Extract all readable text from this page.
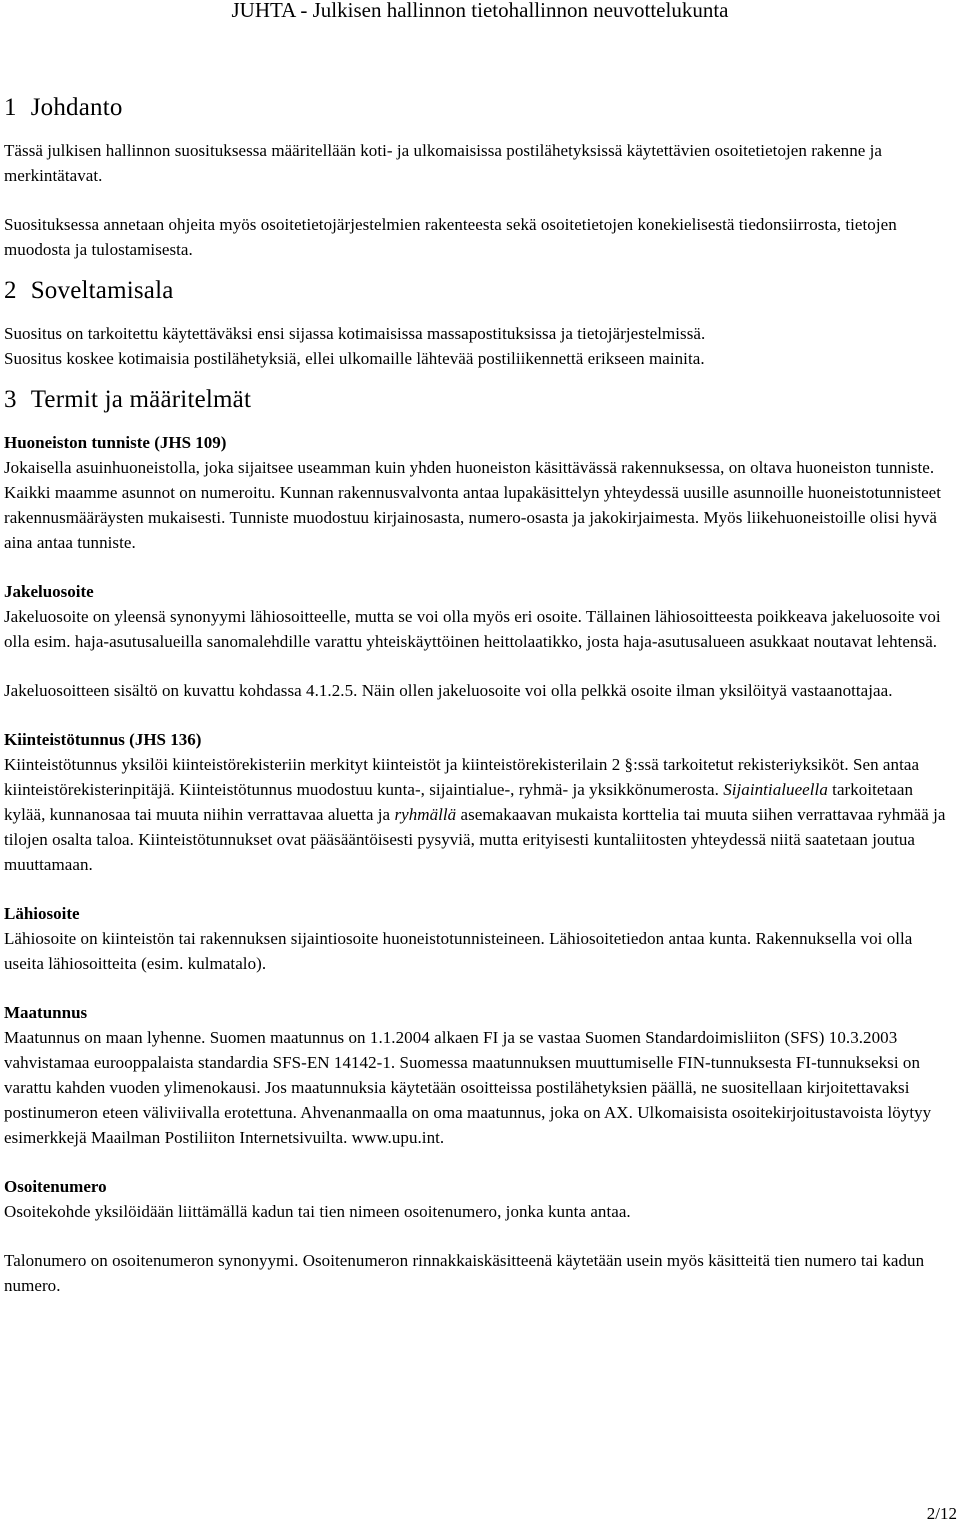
JUHTA - Julkisen hallinnon tietohallinnon neuvottelukunta
1 Johdanto

Tässä julkisen hallinnon suosituksessa määritellään koti- ja ulkomaisissa postilähetyksissä käytettävien osoitetietojen rakenne ja merkintätavat.

Suosituksessa annetaan ohjeita myös osoitetietojärjestelmien rakenteesta sekä osoitetietojen konekielisestä tiedonsiirrosta, tietojen muodosta ja tulostamisesta.

2 Soveltamisala

Suositus on tarkoitettu käytettäväksi ensi sijassa kotimaisissa massapostituksissa ja tietojärjestelmissä.

Suositus koskee kotimaisia postilähetyksiä, ellei ulkomaille lähtevää postiliikennettä erikseen mainita.

3 Termit ja määritelmät
Huoneiston tunniste (JHS 109)

Jokaisella asuinhuoneistolla, joka sijaitsee useamman kuin yhden huoneiston käsittävässä rakennuksessa, on oltava huoneiston tunniste. Kaikki maamme asunnot on numeroitu. Kunnan rakennusvalvonta antaa lupakäsittelyn yhteydessä uusille asunnoille huoneistotunnisteet rakennusmääräysten mukaisesti. Tunniste muodostuu kirjainosasta, numero-osasta ja jakokirjaimesta. Myös liikehuoneistoille olisi hyvä aina antaa tunniste.

Jakeluosoite

Jakeluosoite on yleensä synonyymi lähiosoitteelle, mutta se voi olla myös eri osoite. Tällainen lähiosoitteesta poikkeava jakeluosoite voi olla esim. haja-asutusalueilla sanomalehdille varattu yhteiskäyttöinen heittolaatikko, josta haja-asutusalueen asukkaat noutavat lehtensä.

Jakeluosoitteen sisältö on kuvattu kohdassa 4.1.2.5. Näin ollen jakeluosoite voi olla pelkkä osoite ilman yksilöityä vastaanottajaa.

Kiinteistötunnus (JHS 136)

Kiinteistötunnus yksilöi kiinteistörekisteriin merkityt kiinteistöt ja kiinteistörekisterilain 2 §:ssä tarkoitetut rekisteriyksiköt. Sen antaa kiinteistörekisterinpitäjä. Kiinteistötunnus muodostuu kunta-, sijaintialue-, ryhmä- ja yksikkönumerosta. Sijaintialueella tarkoitetaan kylää, kunnanosaa tai muuta niihin verrattavaa aluetta ja ryhmällä asemakaavan mukaista korttelia tai muuta siihen verrattavaa ryhmää ja tilojen osalta taloa. Kiinteistötunnukset ovat pääsääntöisesti pysyviä, mutta erityisesti kuntaliitosten yhteydessä niitä saatetaan joutua muuttamaan.

Lähiosoite

Lähiosoite on kiinteistön tai rakennuksen sijaintiosoite huoneistotunnisteineen. Lähiosoitetiedon antaa kunta. Rakennuksella voi olla useita lähiosoitteita (esim. kulmatalo).

Maatunnus

Maatunnus on maan lyhenne. Suomen maatunnus on 1.1.2004 alkaen FI ja se vastaa Suomen Standardoimisliiton (SFS) 10.3.2003 vahvistamaa eurooppalaista standardia SFS-EN 14142-1. Suomessa maatunnuksen muuttumiselle FIN-tunnuksesta FI-tunnukseksi on varattu kahden vuoden ylimenokausi. Jos maatunnuksia käytetään osoitteissa postilähetyksien päällä, ne suositellaan kirjoitettavaksi postinumeron eteen väliviivalla erotettuna. Ahvenanmaalla on oma maatunnus, joka on AX. Ulkomaisista osoitekirjoitustavoista löytyy esimerkkejä Maailman Postiliiton Internetsivuilta. www.upu.int.

Osoitenumero

Osoitekohde yksilöidään liittämällä kadun tai tien nimeen osoitenumero, jonka kunta antaa.

Talonumero on osoitenumeron synonyymi. Osoitenumeron rinnakkaiskäsitteenä käytetään usein myös käsitteitä tien numero tai kadun numero.

2/12
